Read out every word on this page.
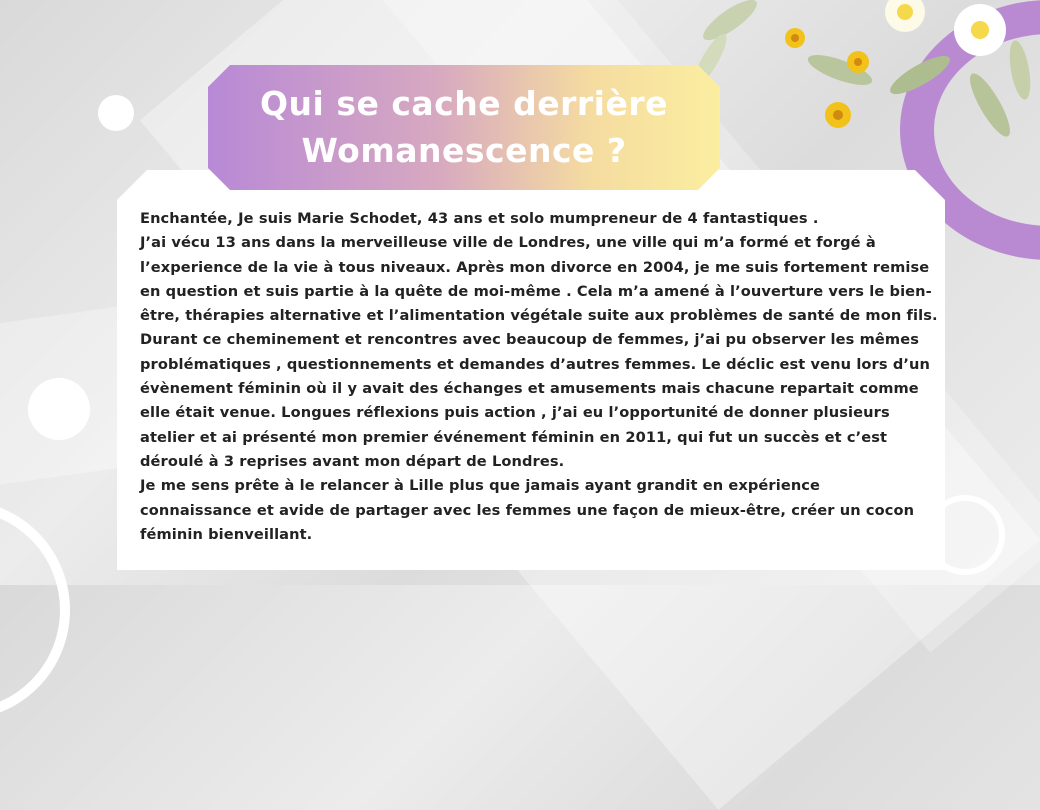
Qui se cache derrière
Womanescence ?
Enchantée, Je suis Marie Schodet, 43 ans et solo mumpreneur de 4 fantastiques .
J’ai vécu 13 ans dans la merveilleuse ville de Londres, une ville qui m’a formé et forgé à
l’experience de la vie à tous niveaux. Après mon divorce en 2004, je me suis fortement remise
en question et suis partie à la quête de moi-même . Cela m’a amené à l’ouverture vers le bien-
être, thérapies alternative et l’alimentation végétale suite aux problèmes de santé de mon fils.
Durant ce cheminement et rencontres avec beaucoup de femmes, j’ai pu observer les mêmes
problématiques , questionnements et demandes d’autres femmes. Le déclic est venu lors d’un
évènement féminin où il y avait des échanges et amusements mais chacune repartait comme
elle était venue. Longues réflexions puis action , j’ai eu l’opportunité de donner plusieurs
atelier et ai présenté mon premier événement féminin en 2011, qui fut un succès et c’est
déroulé à 3 reprises avant mon départ de Londres.
Je me sens prête à le relancer à Lille plus que jamais ayant grandit en expérience
connaissance et avide de partager avec les femmes une façon de mieux-être, créer un cocon
féminin bienveillant.
